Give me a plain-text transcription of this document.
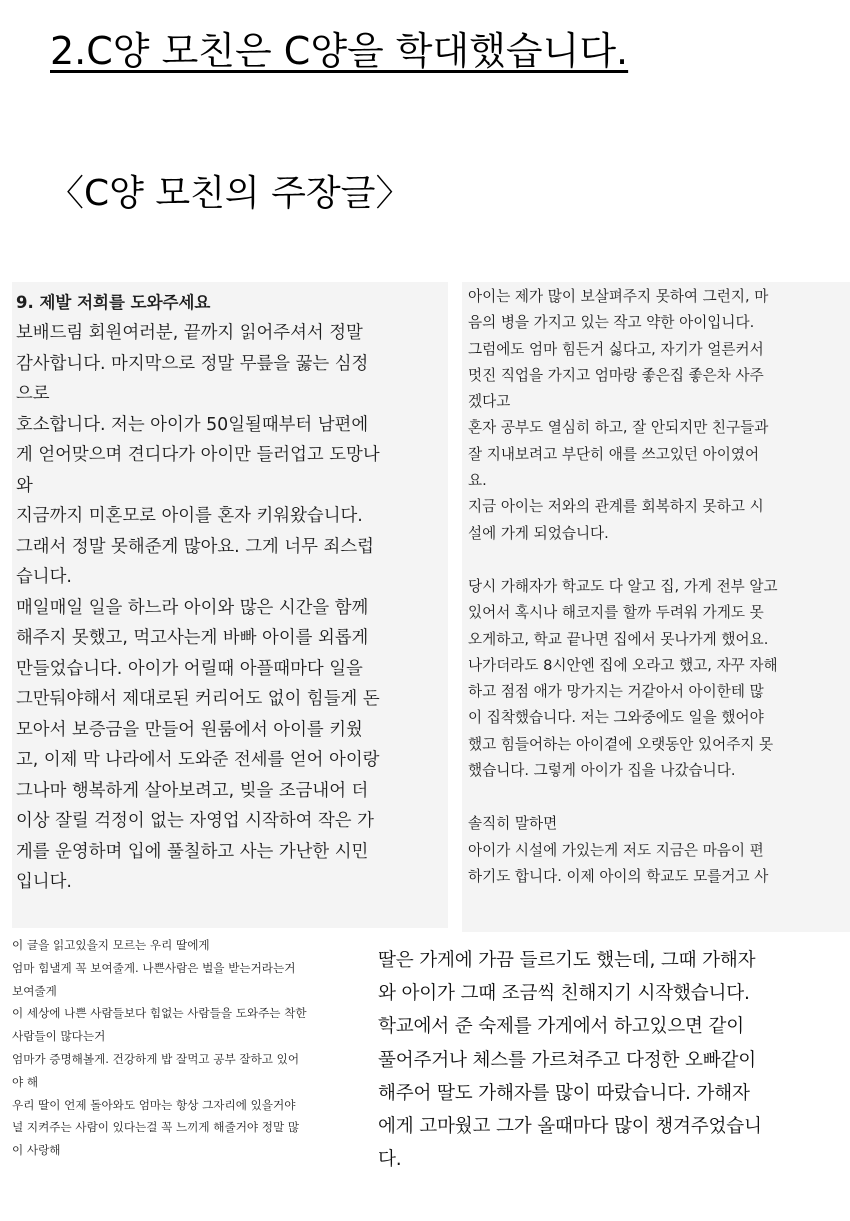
2.C양 모친은 C양을 학대했습니다.
〈C양 모친의 주장글〉

9. 제발 저희를 도와주세요

보배드림 회원여러분, 끝까지 읽어주셔서 정말

감사합니다. 마지막으로 정말 무릎을 꿇는 심정

으로

호소합니다. 저는 아이가 50일될때부터 남편에

게 얻어맞으며 견디다가 아이만 들러업고 도망나

와

지금까지 미혼모로 아이를 혼자 키워왔습니다.

그래서 정말 못해준게 많아요. 그게 너무 죄스럽

습니다.

매일매일 일을 하느라 아이와 많은 시간을 함께

해주지 못했고, 먹고사는게 바빠 아이를 외롭게

만들었습니다. 아이가 어릴때 아플때마다 일을

그만둬야해서 제대로된 커리어도 없이 힘들게 돈

모아서 보증금을 만들어 원룸에서 아이를 키웠

고, 이제 막 나라에서 도와준 전세를 얻어 아이랑

그나마 행복하게 살아보려고, 빚을 조금내어 더

이상 잘릴 걱정이 없는 자영업 시작하여 작은 가

게를 운영하며 입에 풀칠하고 사는 가난한 시민

입니다.

아이는 제가 많이 보살펴주지 못하여 그런지, 마

음의 병을 가지고 있는 작고 약한 아이입니다.

그럼에도 엄마 힘든거 싫다고, 자기가 얼른커서

멋진 직업을 가지고 엄마랑 좋은집 좋은차 사주

겠다고

혼자 공부도 열심히 하고, 잘 안되지만 친구들과

잘 지내보려고 부단히 애를 쓰고있던 아이였어

요.

지금 아이는 저와의 관계를 회복하지 못하고 시

설에 가게 되었습니다.

당시 가해자가 학교도 다 알고 집, 가게 전부 알고

있어서 혹시나 해코지를 할까 두려워 가게도 못

오게하고, 학교 끝나면 집에서 못나가게 했어요.

나가더라도 8시안엔 집에 오라고 했고, 자꾸 자해

하고 점점 애가 망가지는 거같아서 아이한테 많

이 집착했습니다. 저는 그와중에도 일을 했어야

했고 힘들어하는 아이곁에 오랫동안 있어주지 못

했습니다. 그렇게 아이가 집을 나갔습니다.

솔직히 말하면

아이가 시설에 가있는게 저도 지금은 마음이 편

하기도 합니다. 이제 아이의 학교도 모를거고 사

이 글을 읽고있을지 모르는 우리 딸에게

엄마 힘낼게 꼭 보여줄게. 나쁜사람은 벌을 받는거라는거

보여줄게

이 세상에 나쁜 사람들보다 힘없는 사람들을 도와주는 착한

사람들이 많다는거

엄마가 증명해볼게. 건강하게 밥 잘먹고 공부 잘하고 있어

야 해

우리 딸이 언제 돌아와도 엄마는 항상 그자리에 있을거야

널 지켜주는 사람이 있다는걸 꼭 느끼게 해줄거야 정말 많

이 사랑해

딸은 가게에 가끔 들르기도 했는데, 그때 가해자

와 아이가 그때 조금씩 친해지기 시작했습니다.

학교에서 준 숙제를 가게에서 하고있으면 같이

풀어주거나 체스를 가르쳐주고 다정한 오빠같이

해주어 딸도 가해자를 많이 따랐습니다. 가해자

에게 고마웠고 그가 올때마다 많이 챙겨주었습니

다.
